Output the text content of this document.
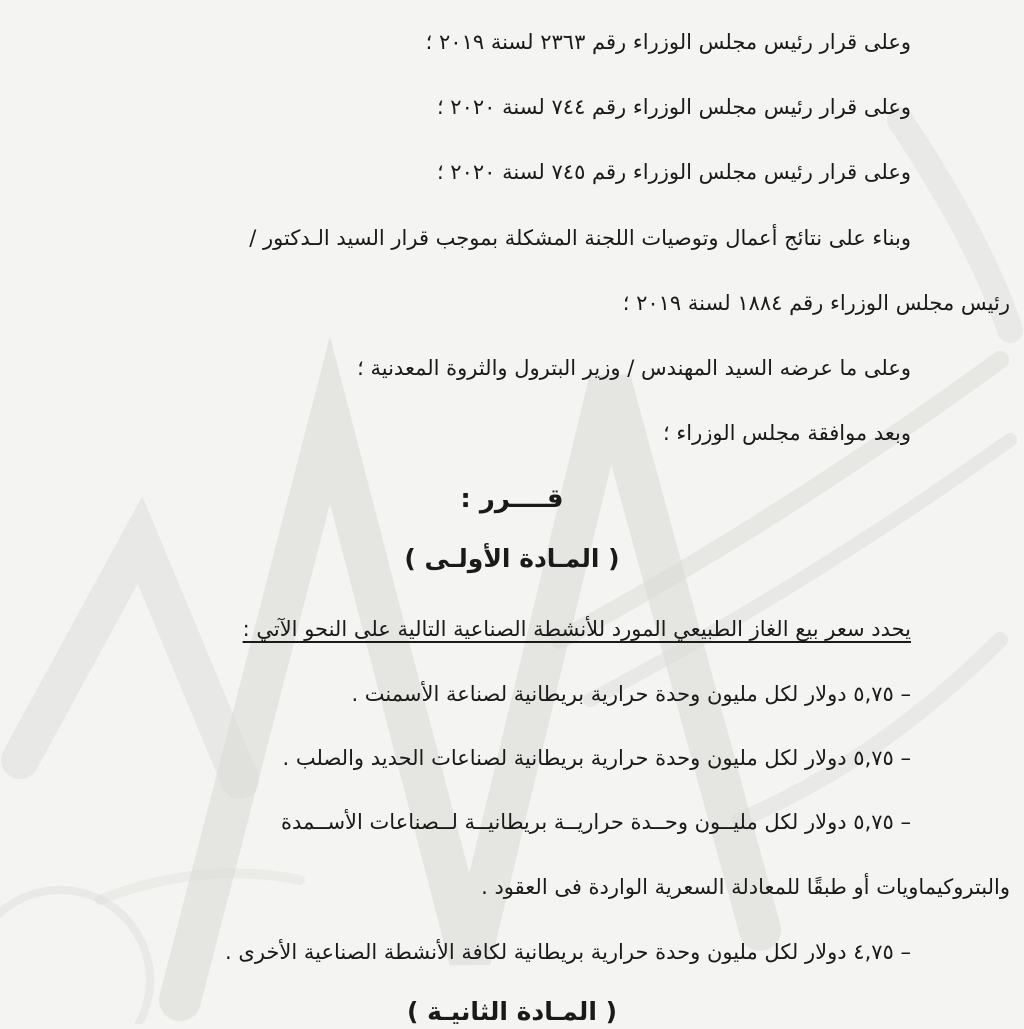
وعلى قرار رئيس مجلس الوزراء رقم ٢٣٦٣ لسنة ٢٠١٩ ؛
وعلى قرار رئيس مجلس الوزراء رقم ٧٤٤ لسنة ٢٠٢٠ ؛
وعلى قرار رئيس مجلس الوزراء رقم ٧٤٥ لسنة ٢٠٢٠ ؛
وبناء على نتائج أعمال وتوصيات اللجنة المشكلة بموجب قرار السيد الـدكتور /
رئيس مجلس الوزراء رقم ١٨٨٤ لسنة ٢٠١٩ ؛
وعلى ما عرضه السيد المهندس / وزير البترول والثروة المعدنية ؛
وبعد موافقة مجلس الوزراء ؛
قــــرر :
( المـادة الأولـى )
يحدد سعر بيع الغاز الطبيعي المورد للأنشطة الصناعية التالية على النحو الآتي :
– ٥,٧٥ دولار لكل مليون وحدة حرارية بريطانية لصناعة الأسمنت .
– ٥,٧٥ دولار لكل مليون وحدة حرارية بريطانية لصناعات الحديد والصلب .
– ٥,٧٥ دولار لكل مليــون وحــدة حراريــة بريطانيــة لــصناعات الأســمدة
والبتروكيماويات أو طبقًا للمعادلة السعرية الواردة فى العقود .
– ٤,٧٥ دولار لكل مليون وحدة حرارية بريطانية لكافة الأنشطة الصناعية الأخرى .
( المـادة الثانيـة )
